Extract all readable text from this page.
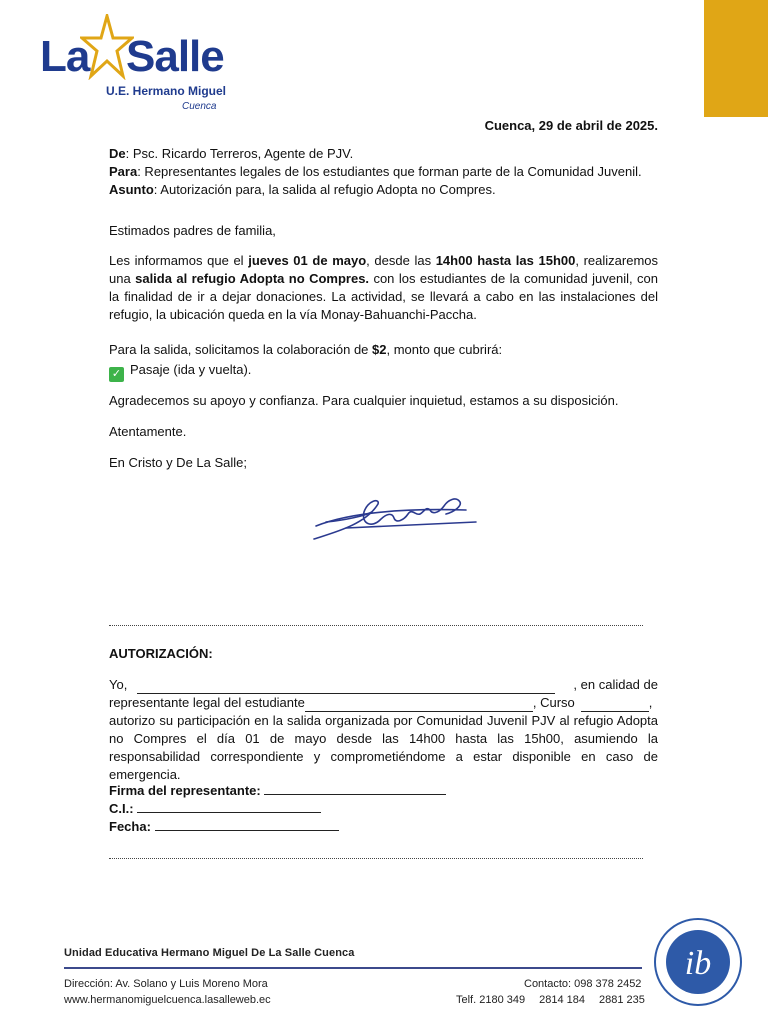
La Salle
U.E. Hermano Miguel
Cuenca
Cuenca, 29 de abril de 2025.
De: Psc. Ricardo Terreros, Agente de PJV.
Para: Representantes legales de los estudiantes que forman parte de la Comunidad Juvenil.
Asunto: Autorización para, la salida al refugio Adopta no Compres.
Estimados padres de familia,
Les informamos que el jueves 01 de mayo, desde las 14h00 hasta las 15h00, realizaremos una salida al refugio Adopta no Compres. con los estudiantes de la comunidad juvenil, con la finalidad de ir a dejar donaciones. La actividad, se llevará a cabo en las instalaciones del refugio, la ubicación queda en la vía Monay-Bahuanchi-Paccha.
Para la salida, solicitamos la colaboración de $2, monto que cubrirá:
✓ Pasaje (ida y vuelta).
Agradecemos su apoyo y confianza. Para cualquier inquietud, estamos a su disposición.
Atentamente.
En Cristo y De La Salle;
AUTORIZACIÓN:
Yo,	, en calidad de
representante legal del estudiante	, Curso	,
autorizo su participación en la salida organizada por Comunidad Juvenil PJV al refugio Adopta no Compres el día 01 de mayo desde las 14h00 hasta las 15h00, asumiendo la responsabilidad correspondiente y comprometiéndome a estar disponible en caso de emergencia.
Firma del representante:
C.I.:
Fecha:
Unidad Educativa Hermano Miguel De La Salle Cuenca
Dirección: Av. Solano y Luis Moreno Mora
www.hermanomiguelcuenca.lasalleweb.ec
Contacto: 098 378 2452
Telf. 2180 349 2814 184 2881 235
ib
